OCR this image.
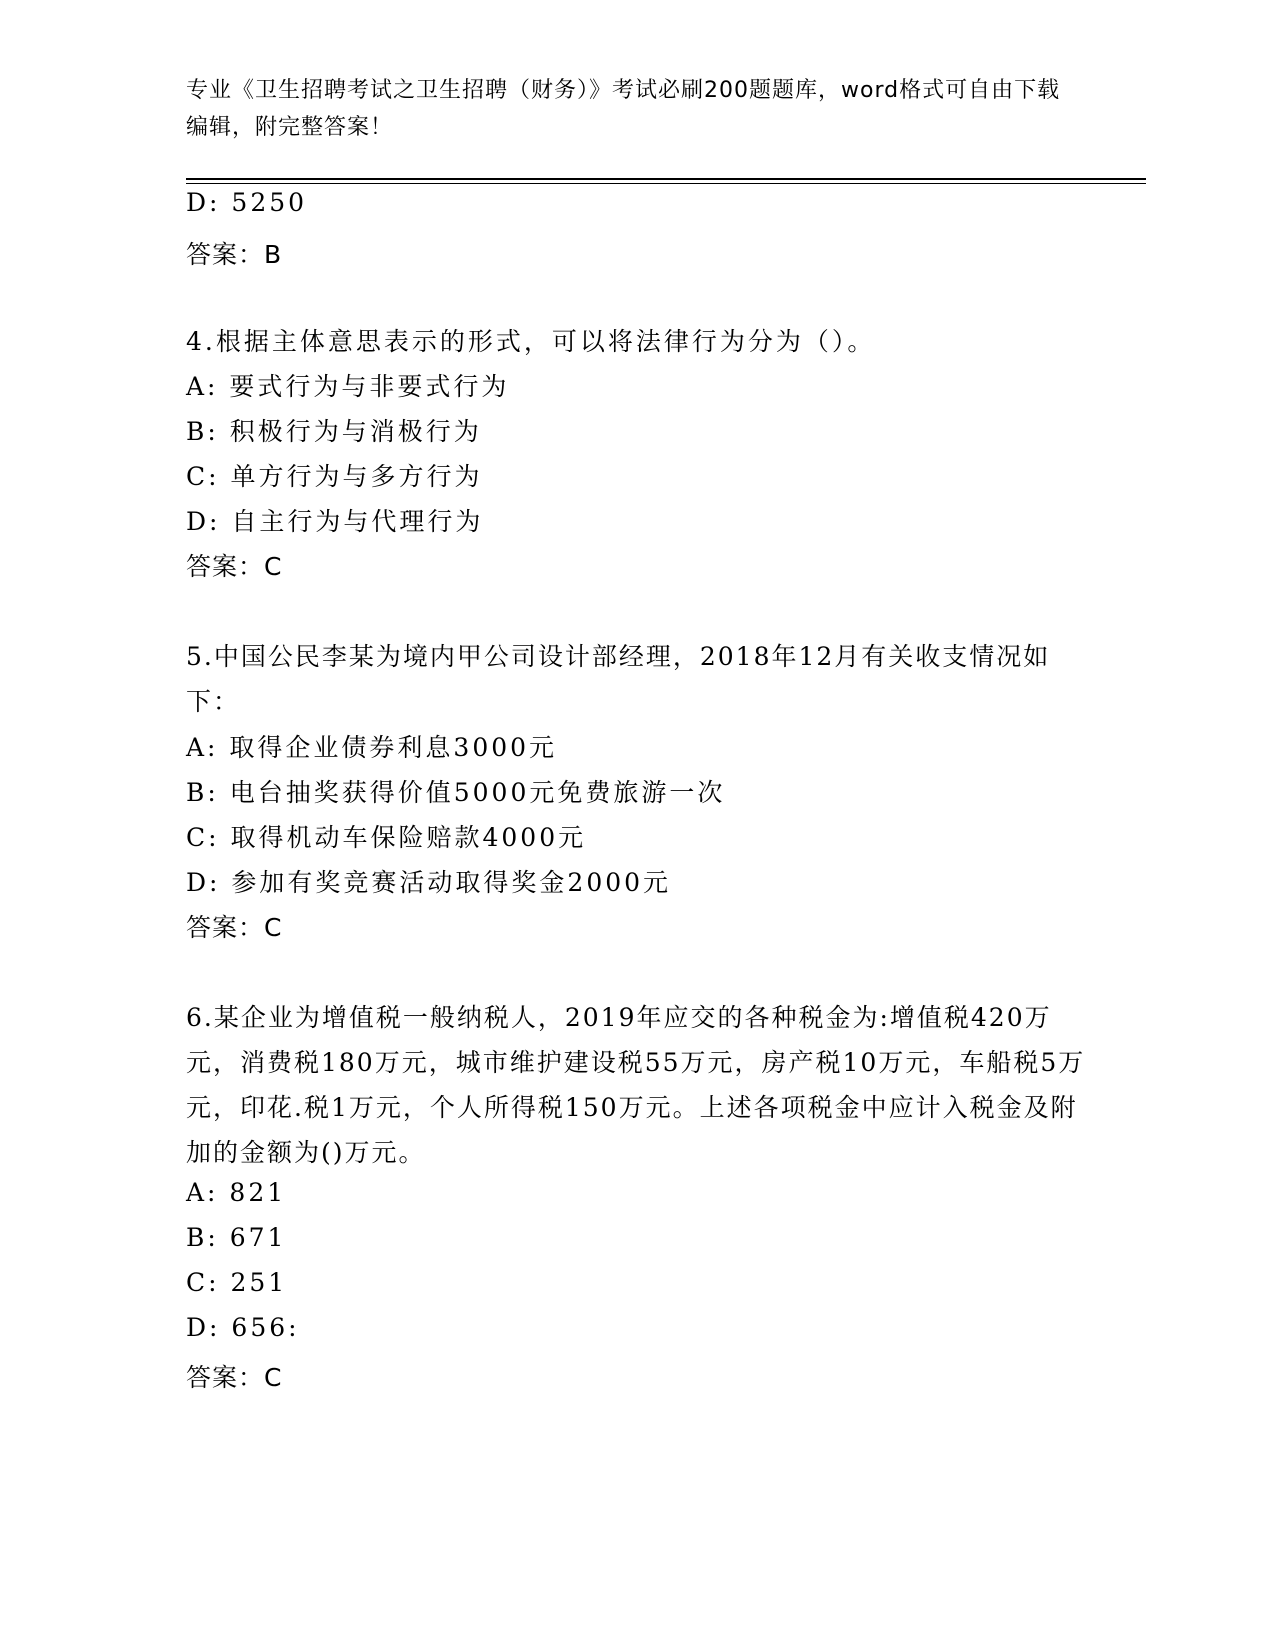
专业《卫生招聘考试之卫生招聘（财务）》考试必刷200题题库，word格式可自由下载编辑，附完整答案！

D: 5250

答案：B

4.根据主体意思表示的形式，可以将法律行为分为（）。

A: 要式行为与非要式行为

B: 积极行为与消极行为

C: 单方行为与多方行为

D: 自主行为与代理行为

答案：C

5.中国公民李某为境内甲公司设计部经理，2018年12月有关收支情况如下：

A: 取得企业债券利息3000元

B: 电台抽奖获得价值5000元免费旅游一次

C: 取得机动车保险赔款4000元

D: 参加有奖竞赛活动取得奖金2000元

答案：C

6.某企业为增值税一般纳税人，2019年应交的各种税金为:增值税420万元，消费税180万元，城市维护建设税55万元，房产税10万元，车船税5万元，印花.税1万元，个人所得税150万元。上述各项税金中应计入税金及附加的金额为()万元。

A: 821

B: 671

C: 251

D: 656:

答案：C
